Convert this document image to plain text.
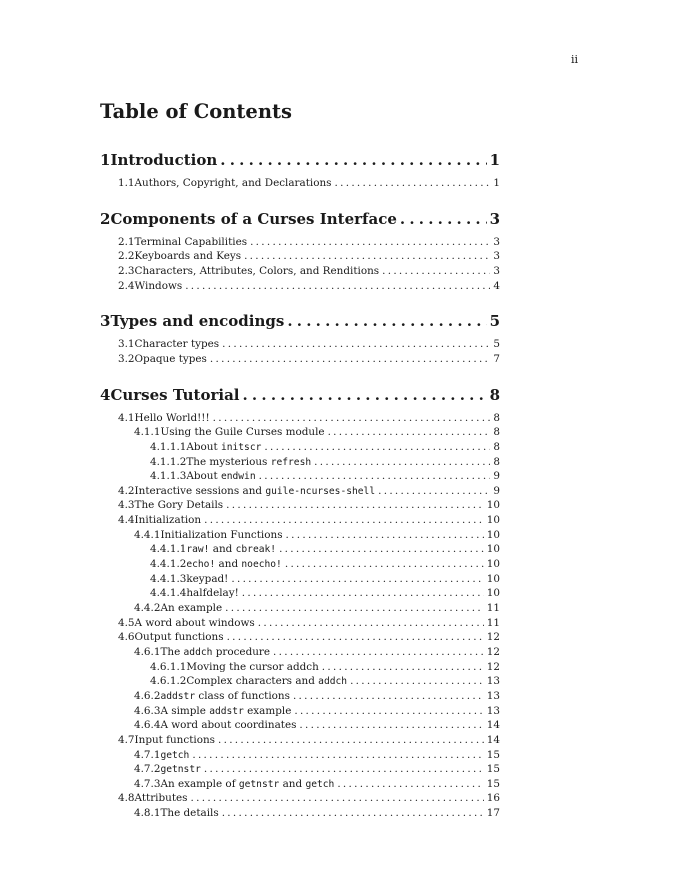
ii
Table of Contents
1 Introduction . . .	1
1.1 Authors, Copyright, and Declarations . . .	1
2 Components of a Curses Interface . . .	3
2.1 Terminal Capabilities . . .	3
2.2 Keyboards and Keys . . .	3
2.3 Characters, Attributes, Colors, and Renditions . . .	3
2.4 Windows . . .	4
3 Types and encodings . . .	5
3.1 Character types . . .	5
3.2 Opaque types . . .	7
4 Curses Tutorial . . .	8
4.1 Hello World!!! . . .	8
4.1.1 Using the Guile Curses module . . .	8
4.1.1.1 About initscr . . .	8
4.1.1.2 The mysterious refresh . . .	8
4.1.1.3 About endwin . . .	9
4.2 Interactive sessions and guile-ncurses-shell . . .	9
4.3 The Gory Details . . .	10
4.4 Initialization . . .	10
4.4.1 Initialization Functions . . .	10
4.4.1.1 raw! and cbreak! . . .	10
4.4.1.2 echo! and noecho! . . .	10
4.4.1.3 keypad! . . .	10
4.4.1.4 halfdelay! . . .	10
4.4.2 An example . . .	11
4.5 A word about windows . . .	11
4.6 Output functions . . .	12
4.6.1 The addch procedure . . .	12
4.6.1.1 Moving the cursor addch . . .	12
4.6.1.2 Complex characters and addch . . .	13
4.6.2 addstr class of functions . . .	13
4.6.3 A simple addstr example . . .	13
4.6.4 A word about coordinates . . .	14
4.7 Input functions . . .	14
4.7.1 getch . . .	15
4.7.2 getnstr . . .	15
4.7.3 An example of getnstr and getch . . .	15
4.8 Attributes . . .	16
4.8.1 The details . . .	17
